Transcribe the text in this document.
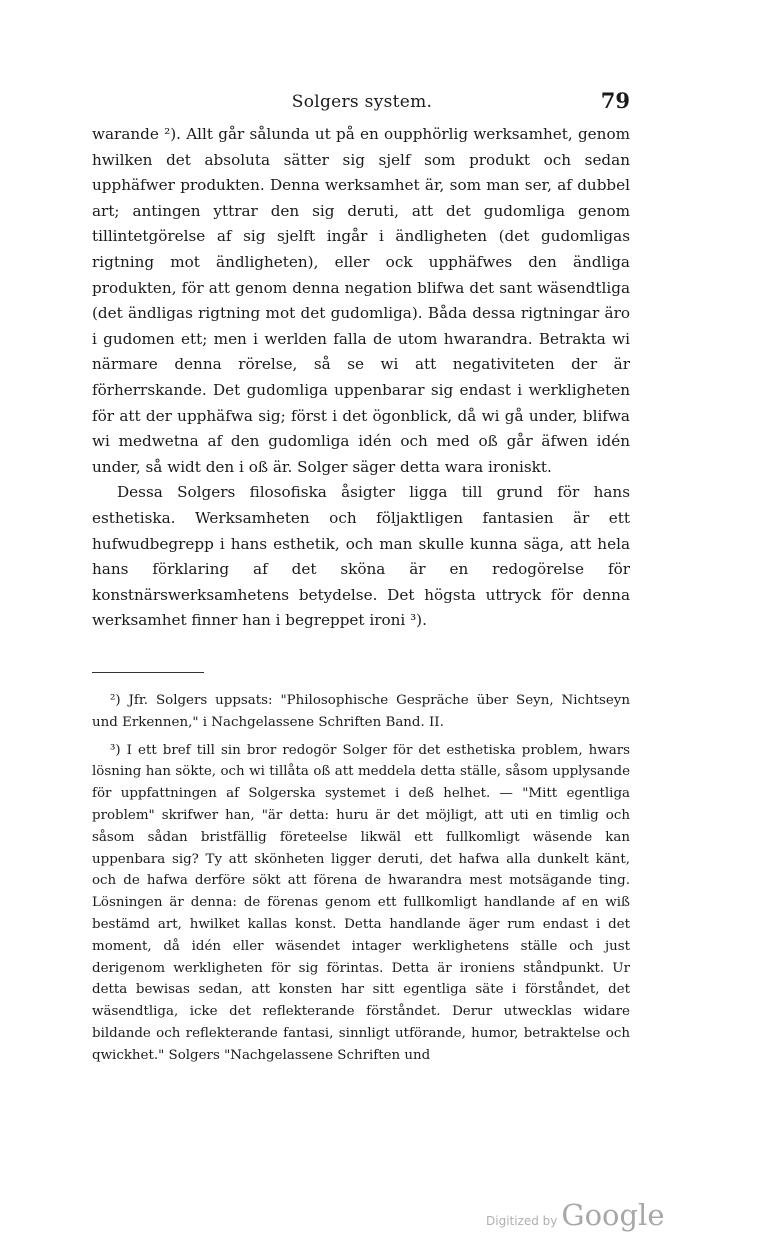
Solgers system.	79

warande ²). Allt går sålunda ut på en oupphörlig werksamhet, genom hwilken det absoluta sätter sig sjelf som produkt och sedan upphäfwer produkten. Denna werksamhet är, som man ser, af dubbel art; antingen yttrar den sig deruti, att det gudomliga genom tillintetgörelse af sig sjelft ingår i ändligheten (det gudomligas rigtning mot ändligheten), eller ock upphäfwes den ändliga produkten, för att genom denna negation blifwa det sant wäsendtliga (det ändligas rigtning mot det gudomliga). Båda dessa rigtningar äro i gudomen ett; men i werlden falla de utom hwarandra. Betrakta wi närmare denna rörelse, så se wi att negativiteten der är förherrskande. Det gudomliga uppenbarar sig endast i werkligheten för att der upphäfwa sig; först i det ögonblick, då wi gå under, blifwa wi medwetna af den gudomliga idén och med oß går äfwen idén under, så widt den i oß är. Solger säger detta wara ironiskt.

Dessa Solgers filosofiska åsigter ligga till grund för hans esthetiska. Werksamheten och följaktligen fantasien är ett hufwudbegrepp i hans esthetik, och man skulle kunna säga, att hela hans förklaring af det sköna är en redogörelse för konstnärswerksamhetens betydelse. Det högsta uttryck för denna werksamhet finner han i begreppet ironi ³).

²) Jfr. Solgers uppsats: "Philosophische Gespräche über Seyn, Nichtseyn und Erkennen," i Nachgelassene Schriften Band. II.

³) I ett bref till sin bror redogör Solger för det esthetiska problem, hwars lösning han sökte, och wi tillåta oß att meddela detta ställe, såsom upplysande för uppfattningen af Solgerska systemet i deß helhet. — "Mitt egentliga problem" skrifwer han, "är detta: huru är det möjligt, att uti en timlig och såsom sådan bristfällig företeelse likwäl ett fullkomligt wäsende kan uppenbara sig? Ty att skönheten ligger deruti, det hafwa alla dunkelt känt, och de hafwa derföre sökt att förena de hwarandra mest motsägande ting. Lösningen är denna: de förenas genom ett fullkomligt handlande af en wiß bestämd art, hwilket kallas konst. Detta handlande äger rum endast i det moment, då idén eller wäsendet intager werklighetens ställe och just derigenom werkligheten för sig förintas. Detta är ironiens ståndpunkt. Ur detta bewisas sedan, att konsten har sitt egentliga säte i förståndet, det wäsendtliga, icke det reflekterande förståndet. Derur utwecklas widare bildande och reflekterande fantasi, sinnligt utförande, humor, betraktelse och qwickhet." Solgers "Nachgelassene Schriften und

Digitized by Google
